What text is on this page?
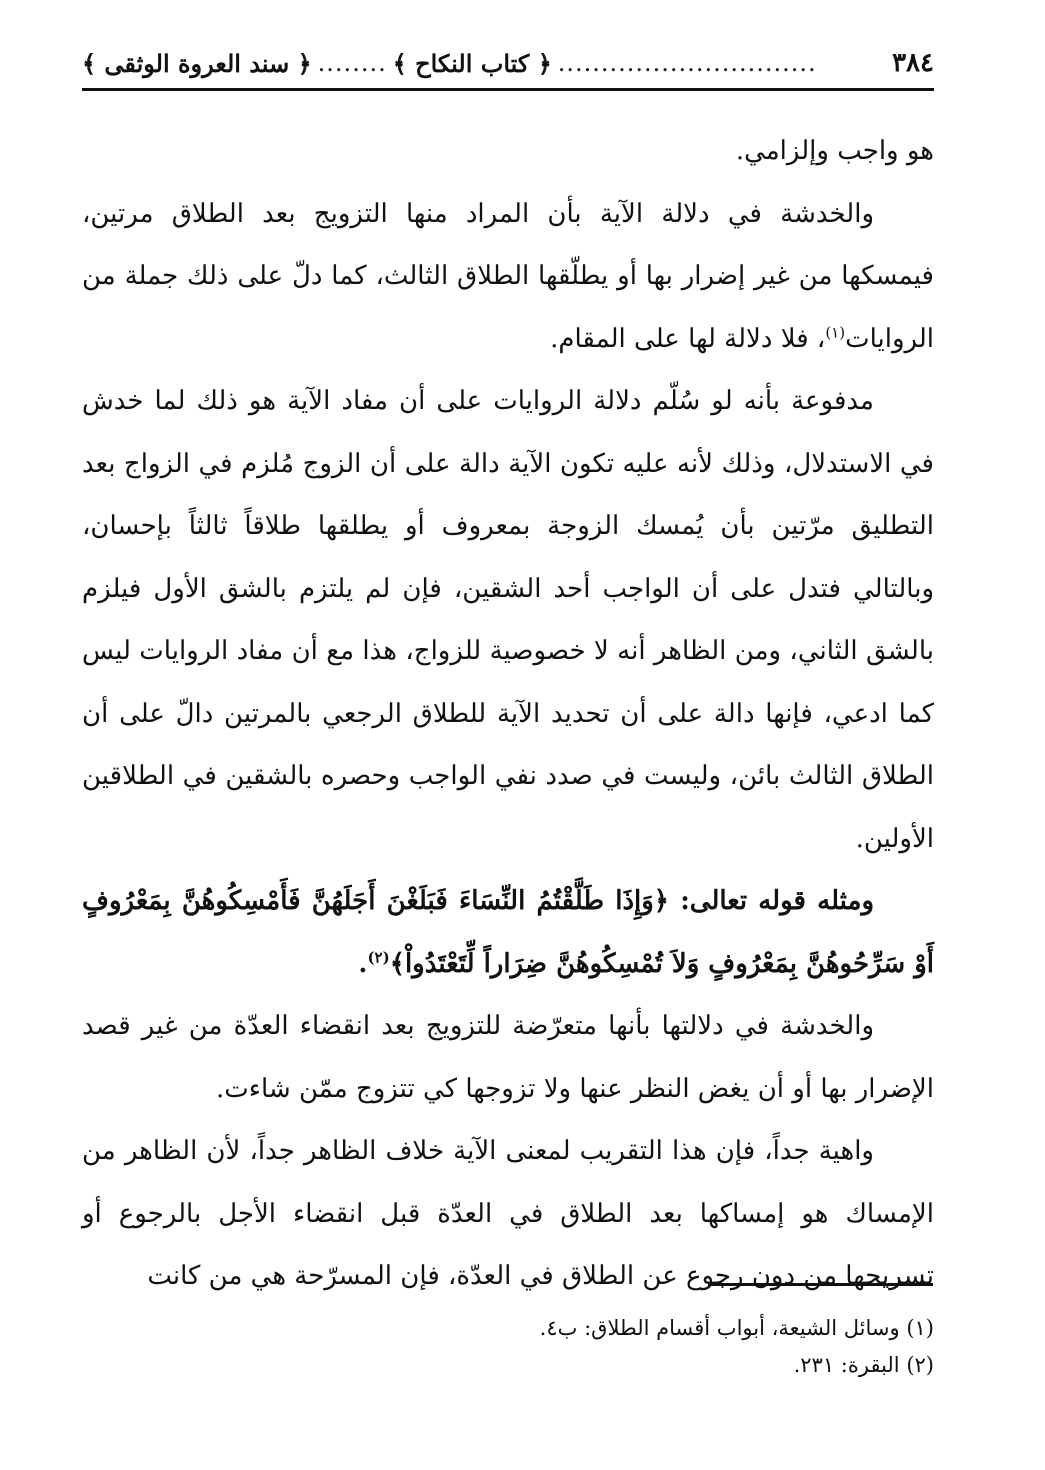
٣٨٤
..............................
﴿ كتاب النكاح ﴾
........
﴿ سند العروة الوثقى ﴾

هو واجب وإلزامي.

والخدشة في دلالة الآية بأن المراد منها التزويج بعد الطلاق مرتين، فيمسكها من غير إضرار بها أو يطلّقها الطلاق الثالث، كما دلّ على ذلك جملة من الروايات$^{(١)}$، فلا دلالة لها على المقام.

مدفوعة بأنه لو سُلّم دلالة الروايات على أن مفاد الآية هو ذلك لما خدش في الاستدلال، وذلك لأنه عليه تكون الآية دالة على أن الزوج مُلزم في الزواج بعد التطليق مرّتين بأن يُمسك الزوجة بمعروف أو يطلقها طلاقاً ثالثاً بإحسان، وبالتالي فتدل على أن الواجب أحد الشقين، فإن لم يلتزم بالشق الأول فيلزم بالشق الثاني، ومن الظاهر أنه لا خصوصية للزواج، هذا مع أن مفاد الروايات ليس كما ادعي، فإنها دالة على أن تحديد الآية للطلاق الرجعي بالمرتين دالّ على أن الطلاق الثالث بائن، وليست في صدد نفي الواجب وحصره بالشقين في الطلاقين الأولين.

ومثله قوله تعالى: ﴿وَإِذَا طَلَّقْتُمُ النِّسَاءَ فَبَلَغْنَ أَجَلَهُنَّ فَأَمْسِكُوهُنَّ بِمَعْرُوفٍ أَوْ سَرِّحُوهُنَّ بِمَعْرُوفٍ وَلاَ تُمْسِكُوهُنَّ ضِرَاراً لِّتَعْتَدُواْ﴾$^{(٢)}$.

والخدشة في دلالتها بأنها متعرّضة للتزويج بعد انقضاء العدّة من غير قصد الإضرار بها أو أن يغض النظر عنها ولا تزوجها كي تتزوج ممّن شاءت.

واهية جداً، فإن هذا التقريب لمعنى الآية خلاف الظاهر جداً، لأن الظاهر من الإمساك هو إمساكها بعد الطلاق في العدّة قبل انقضاء الأجل بالرجوع أو تسريحها من دون رجوع عن الطلاق في العدّة، فإن المسرّحة هي من كانت

(١) وسائل الشيعة، أبواب أقسام الطلاق: ب٤.
(٢) البقرة: ٢٣١.
